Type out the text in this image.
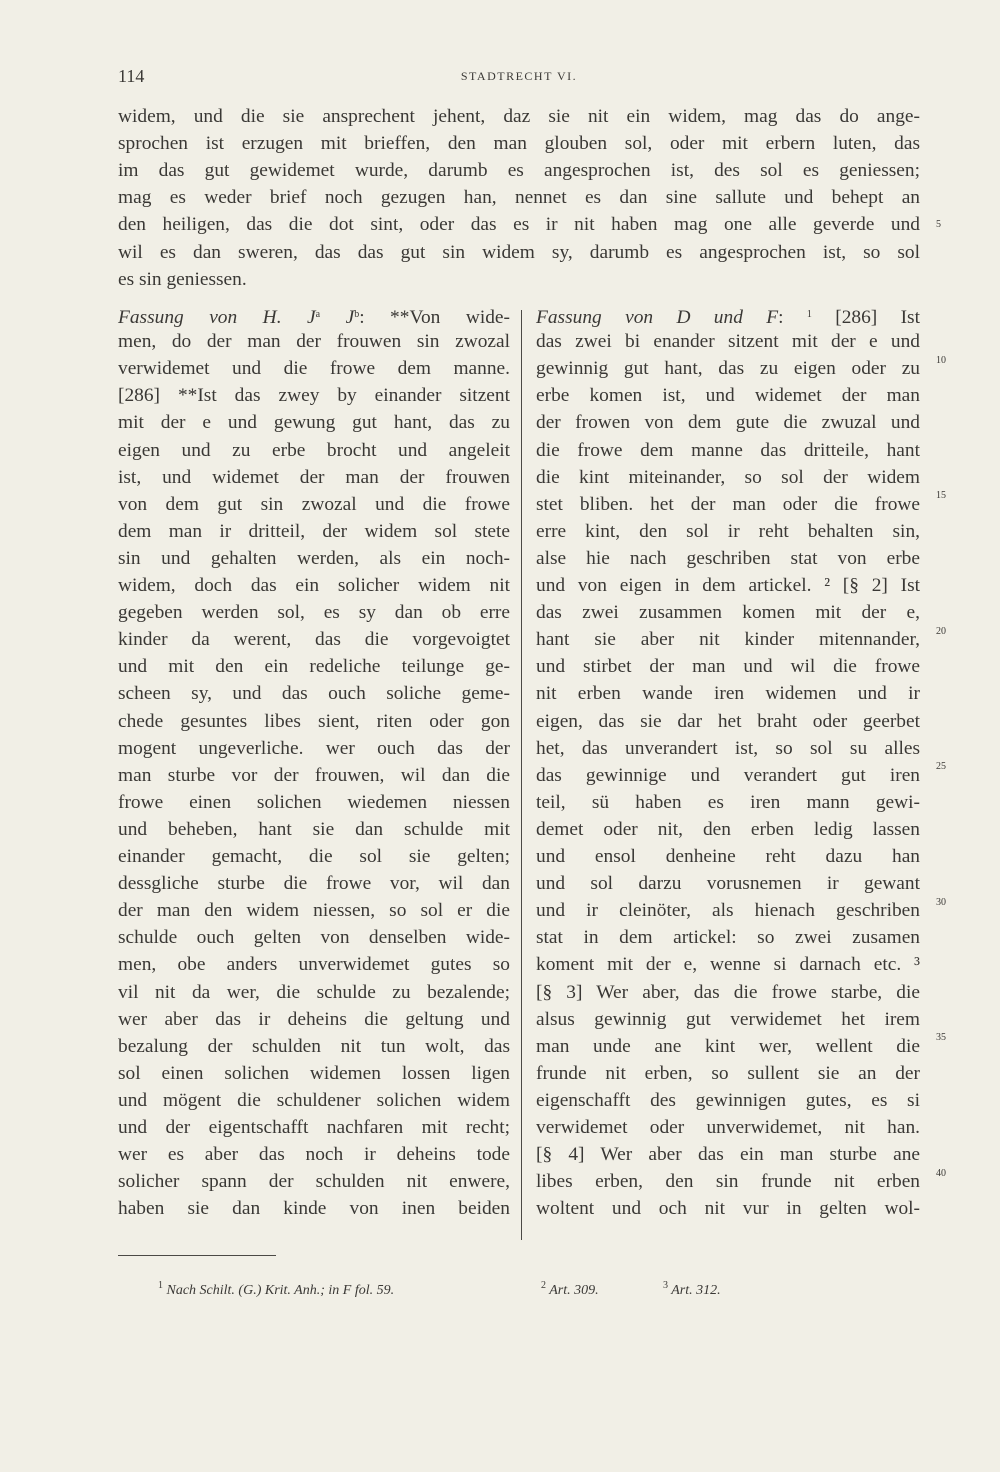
114	STADTRECHT VI.
widem, und die sie ansprechent jehent, daz sie nit ein widem, mag das do ange-
sprochen ist erzugen mit brieffen, den man glouben sol, oder mit erbern luten, das
im das gut gewidemet wurde, darumb es angesprochen ist, des sol es geniessen;
mag es weder brief noch gezugen han, nennet es dan sine sallute und behept an
den heiligen, das die dot sint, oder das es ir nit haben mag one alle geverde und
wil es dan sweren, das das gut sin widem sy, darumb es angesprochen ist, so sol
es sin geniessen.
Fassung von H. $J^a$ $J^b$: **Von wide-
men, do der man der frouwen sin zwozal
verwidemet und die frowe dem manne.
[286] **Ist das zwey by einander sitzent
mit der e und gewung gut hant, das zu
eigen und zu erbe brocht und angeleit
ist, und widemet der man der frouwen
von dem gut sin zwozal und die frowe
dem man ir dritteil, der widem sol stete
sin und gehalten werden, als ein noch-
widem, doch das ein solicher widem nit
gegeben werden sol, es sy dan ob erre
kinder da werent, das die vorgevoigtet
und mit den ein redeliche teilunge ge-
scheen sy, und das ouch soliche geme-
chede gesuntes libes sient, riten oder gon
mogent ungeverliche. wer ouch das der
man sturbe vor der frouwen, wil dan die
frowe einen solichen wiedemen niessen
und beheben, hant sie dan schulde mit
einander gemacht, die sol sie gelten;
dessgliche sturbe die frowe vor, wil dan
der man den widem niessen, so sol er die
schulde ouch gelten von denselben wide-
men, obe anders unverwidemet gutes so
vil nit da wer, die schulde zu bezalende;
wer aber das ir deheins die geltung und
bezalung der schulden nit tun wolt, das
sol einen solichen widemen lossen ligen
und mögent die schuldener solichen widem
und der eigentschafft nachfaren mit recht;
wer es aber das noch ir deheins tode
solicher spann der schulden nit enwere,
haben sie dan kinde von inen beiden
Fassung von D und F: $^1$ [286] Ist
das zwei bi enander sitzent mit der e und
gewinnig gut hant, das zu eigen oder zu
erbe komen ist, und widemet der man
der frowen von dem gute die zwuzal und
die frowe dem manne das dritteile, hant
die kint miteinander, so sol der widem
stet bliben. het der man oder die frowe
erre kint, den sol ir reht behalten sin,
alse hie nach geschriben stat von erbe
und von eigen in dem artickel. ² [§ 2] Ist
das zwei zusammen komen mit der e,
hant sie aber nit kinder mitennander,
und stirbet der man und wil die frowe
nit erben wande iren widemen und ir
eigen, das sie dar het braht oder geerbet
het, das unverandert ist, so sol su alles
das gewinnige und verandert gut iren
teil, sü haben es iren mann gewi-
demet oder nit, den erben ledig lassen
und ensol denheine reht dazu han
und sol darzu vorusnemen ir gewant
und ir cleinöter, als hienach geschriben
stat in dem artickel: so zwei zusamen
koment mit der e, wenne si darnach etc. ³
[§ 3] Wer aber, das die frowe starbe, die
alsus gewinnig gut verwidemet het irem
man unde ane kint wer, wellent die
frunde nit erben, so sullent sie an der
eigenschafft des gewinnigen gutes, es si
verwidemet oder unverwidemet, nit han.
[§ 4] Wer aber das ein man sturbe ane
libes erben, den sin frunde nit erben
woltent und och nit vur in gelten wol-
5
10
15
20
25
30
35
40
$^1$ Nach Schilt. (G.) Krit. Anh.; in F fol. 59.	$^2$ Art. 309.	$^3$ Art. 312.
